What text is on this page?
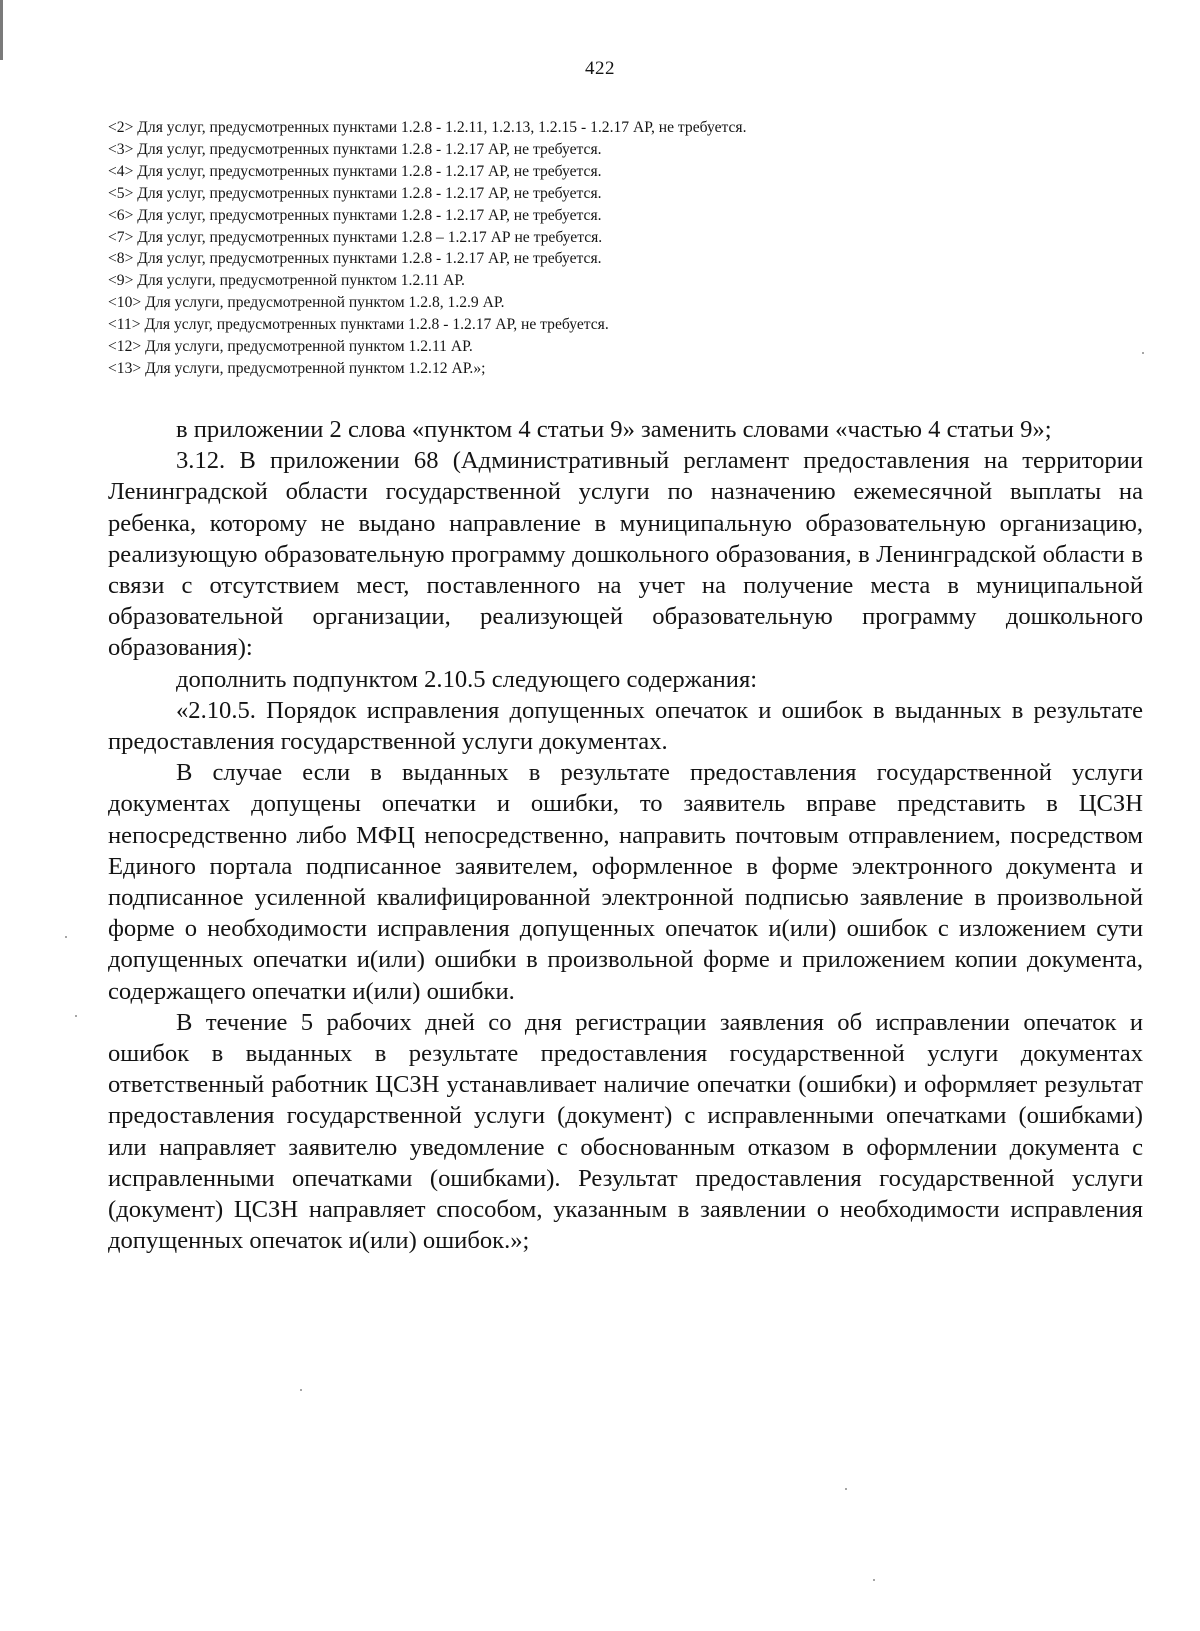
422
<2> Для услуг, предусмотренных пунктами 1.2.8 - 1.2.11, 1.2.13, 1.2.15 - 1.2.17 АР, не требуется.
<3> Для услуг, предусмотренных пунктами 1.2.8 - 1.2.17 АР, не требуется.
<4> Для услуг, предусмотренных пунктами 1.2.8 - 1.2.17 АР, не требуется.
<5> Для услуг, предусмотренных пунктами 1.2.8 - 1.2.17 АР, не требуется.
<6> Для услуг, предусмотренных пунктами 1.2.8 - 1.2.17 АР, не требуется.
<7> Для услуг, предусмотренных пунктами 1.2.8 – 1.2.17 АР не требуется.
<8> Для услуг, предусмотренных пунктами 1.2.8 - 1.2.17 АР, не требуется.
<9> Для услуги, предусмотренной пунктом 1.2.11 АР.
<10> Для услуги, предусмотренной пунктом 1.2.8, 1.2.9 АР.
<11> Для услуг, предусмотренных пунктами 1.2.8 - 1.2.17 АР, не требуется.
<12> Для услуги, предусмотренной пунктом 1.2.11 АР.
<13> Для услуги, предусмотренной пунктом 1.2.12 АР.»;

в приложении 2 слова «пунктом 4 статьи 9» заменить словами «частью 4 статьи 9»;

3.12. В приложении 68 (Административный регламент предоставления на территории Ленинградской области государственной услуги по назначению ежемесячной выплаты на ребенка, которому не выдано направление в муниципальную образовательную организацию, реализующую образовательную программу дошкольного образования, в Ленинградской области в связи с отсутствием мест, поставленного на учет на получение места в муниципальной образовательной организации, реализующей образовательную программу дошкольного образования):

дополнить подпунктом 2.10.5 следующего содержания:

«2.10.5. Порядок исправления допущенных опечаток и ошибок в выданных в результате предоставления государственной услуги документах.

В случае если в выданных в результате предоставления государственной услуги документах допущены опечатки и ошибки, то заявитель вправе представить в ЦСЗН непосредственно либо МФЦ непосредственно, направить почтовым отправлением, посредством Единого портала подписанное заявителем, оформленное в форме электронного документа и подписанное усиленной квалифицированной электронной подписью заявление в произвольной форме о необходимости исправления допущенных опечаток и(или) ошибок с изложением сути допущенных опечатки и(или) ошибки в произвольной форме и приложением копии документа, содержащего опечатки и(или) ошибки.

В течение 5 рабочих дней со дня регистрации заявления об исправлении опечаток и ошибок в выданных в результате предоставления государственной услуги документах ответственный работник ЦСЗН устанавливает наличие опечатки (ошибки) и оформляет результат предоставления государственной услуги (документ) с исправленными опечатками (ошибками) или направляет заявителю уведомление с обоснованным отказом в оформлении документа с исправленными опечатками (ошибками). Результат предоставления государственной услуги (документ) ЦСЗН направляет способом, указанным в заявлении о необходимости исправления допущенных опечаток и(или) ошибок.»;
